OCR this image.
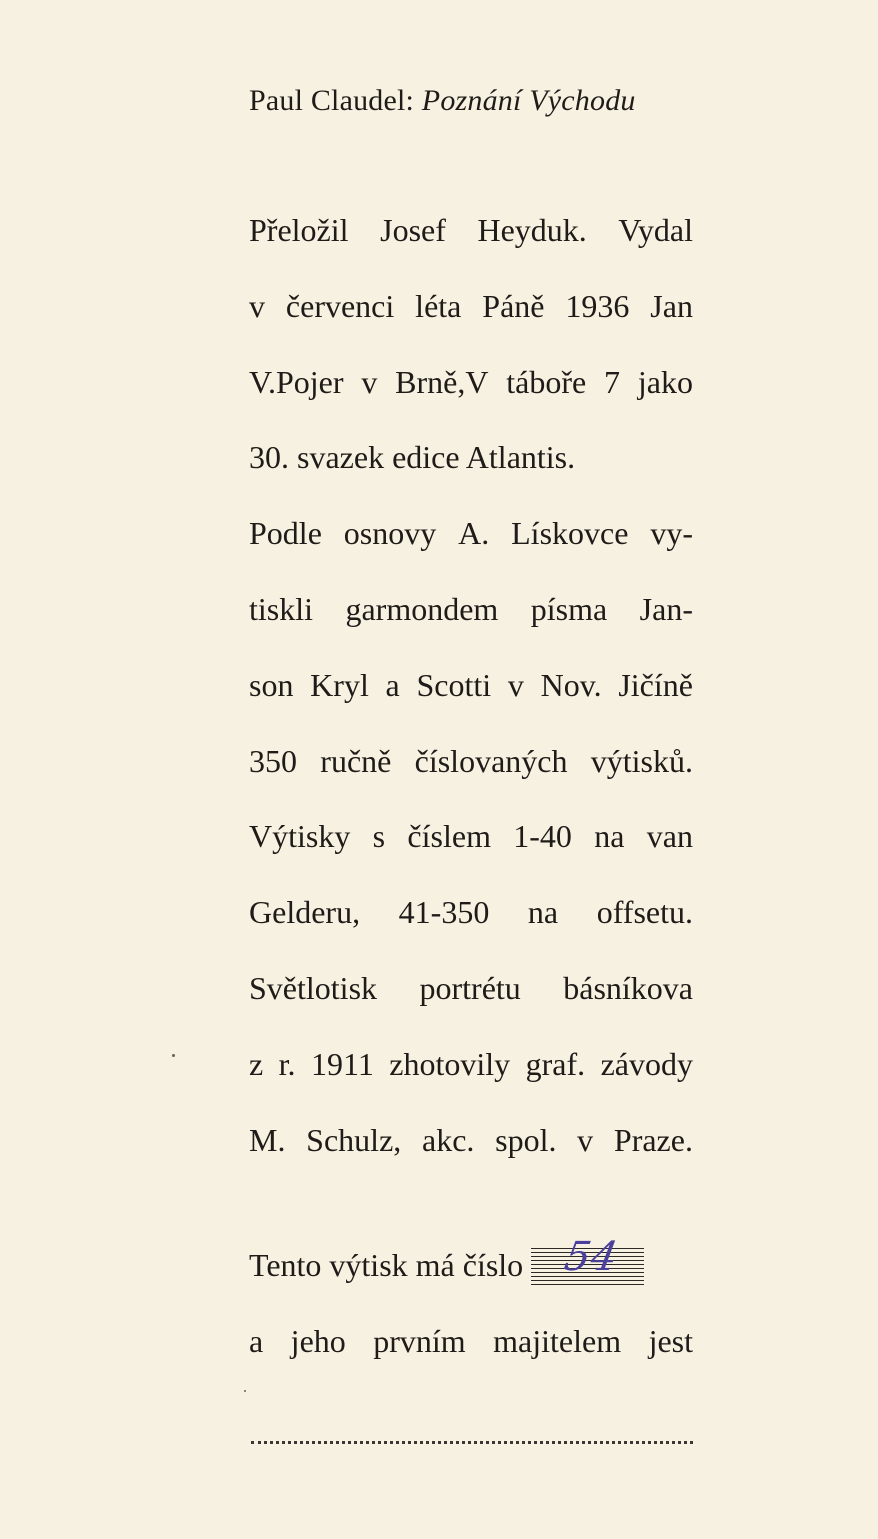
Paul Claudel: Poznání Východu
Přeložil Josef Heyduk. Vydal
v červenci léta Páně 1936 Jan
V.Pojer v Brně,V táboře 7 jako
30. svazek edice Atlantis.
Podle osnovy A. Lískovce vy-
tiskli garmondem písma Jan-
son Kryl a Scotti v Nov. Jičíně
350 ručně číslovaných výtisků.
Výtisky s číslem 1-40 na van
Gelderu, 41-350 na offsetu.
Světlotisk portrétu básníkova
z r. 1911 zhotovily graf. závody
M. Schulz, akc. spol. v Praze.
Tento výtisk má číslo 54
a jeho prvním majitelem jest
